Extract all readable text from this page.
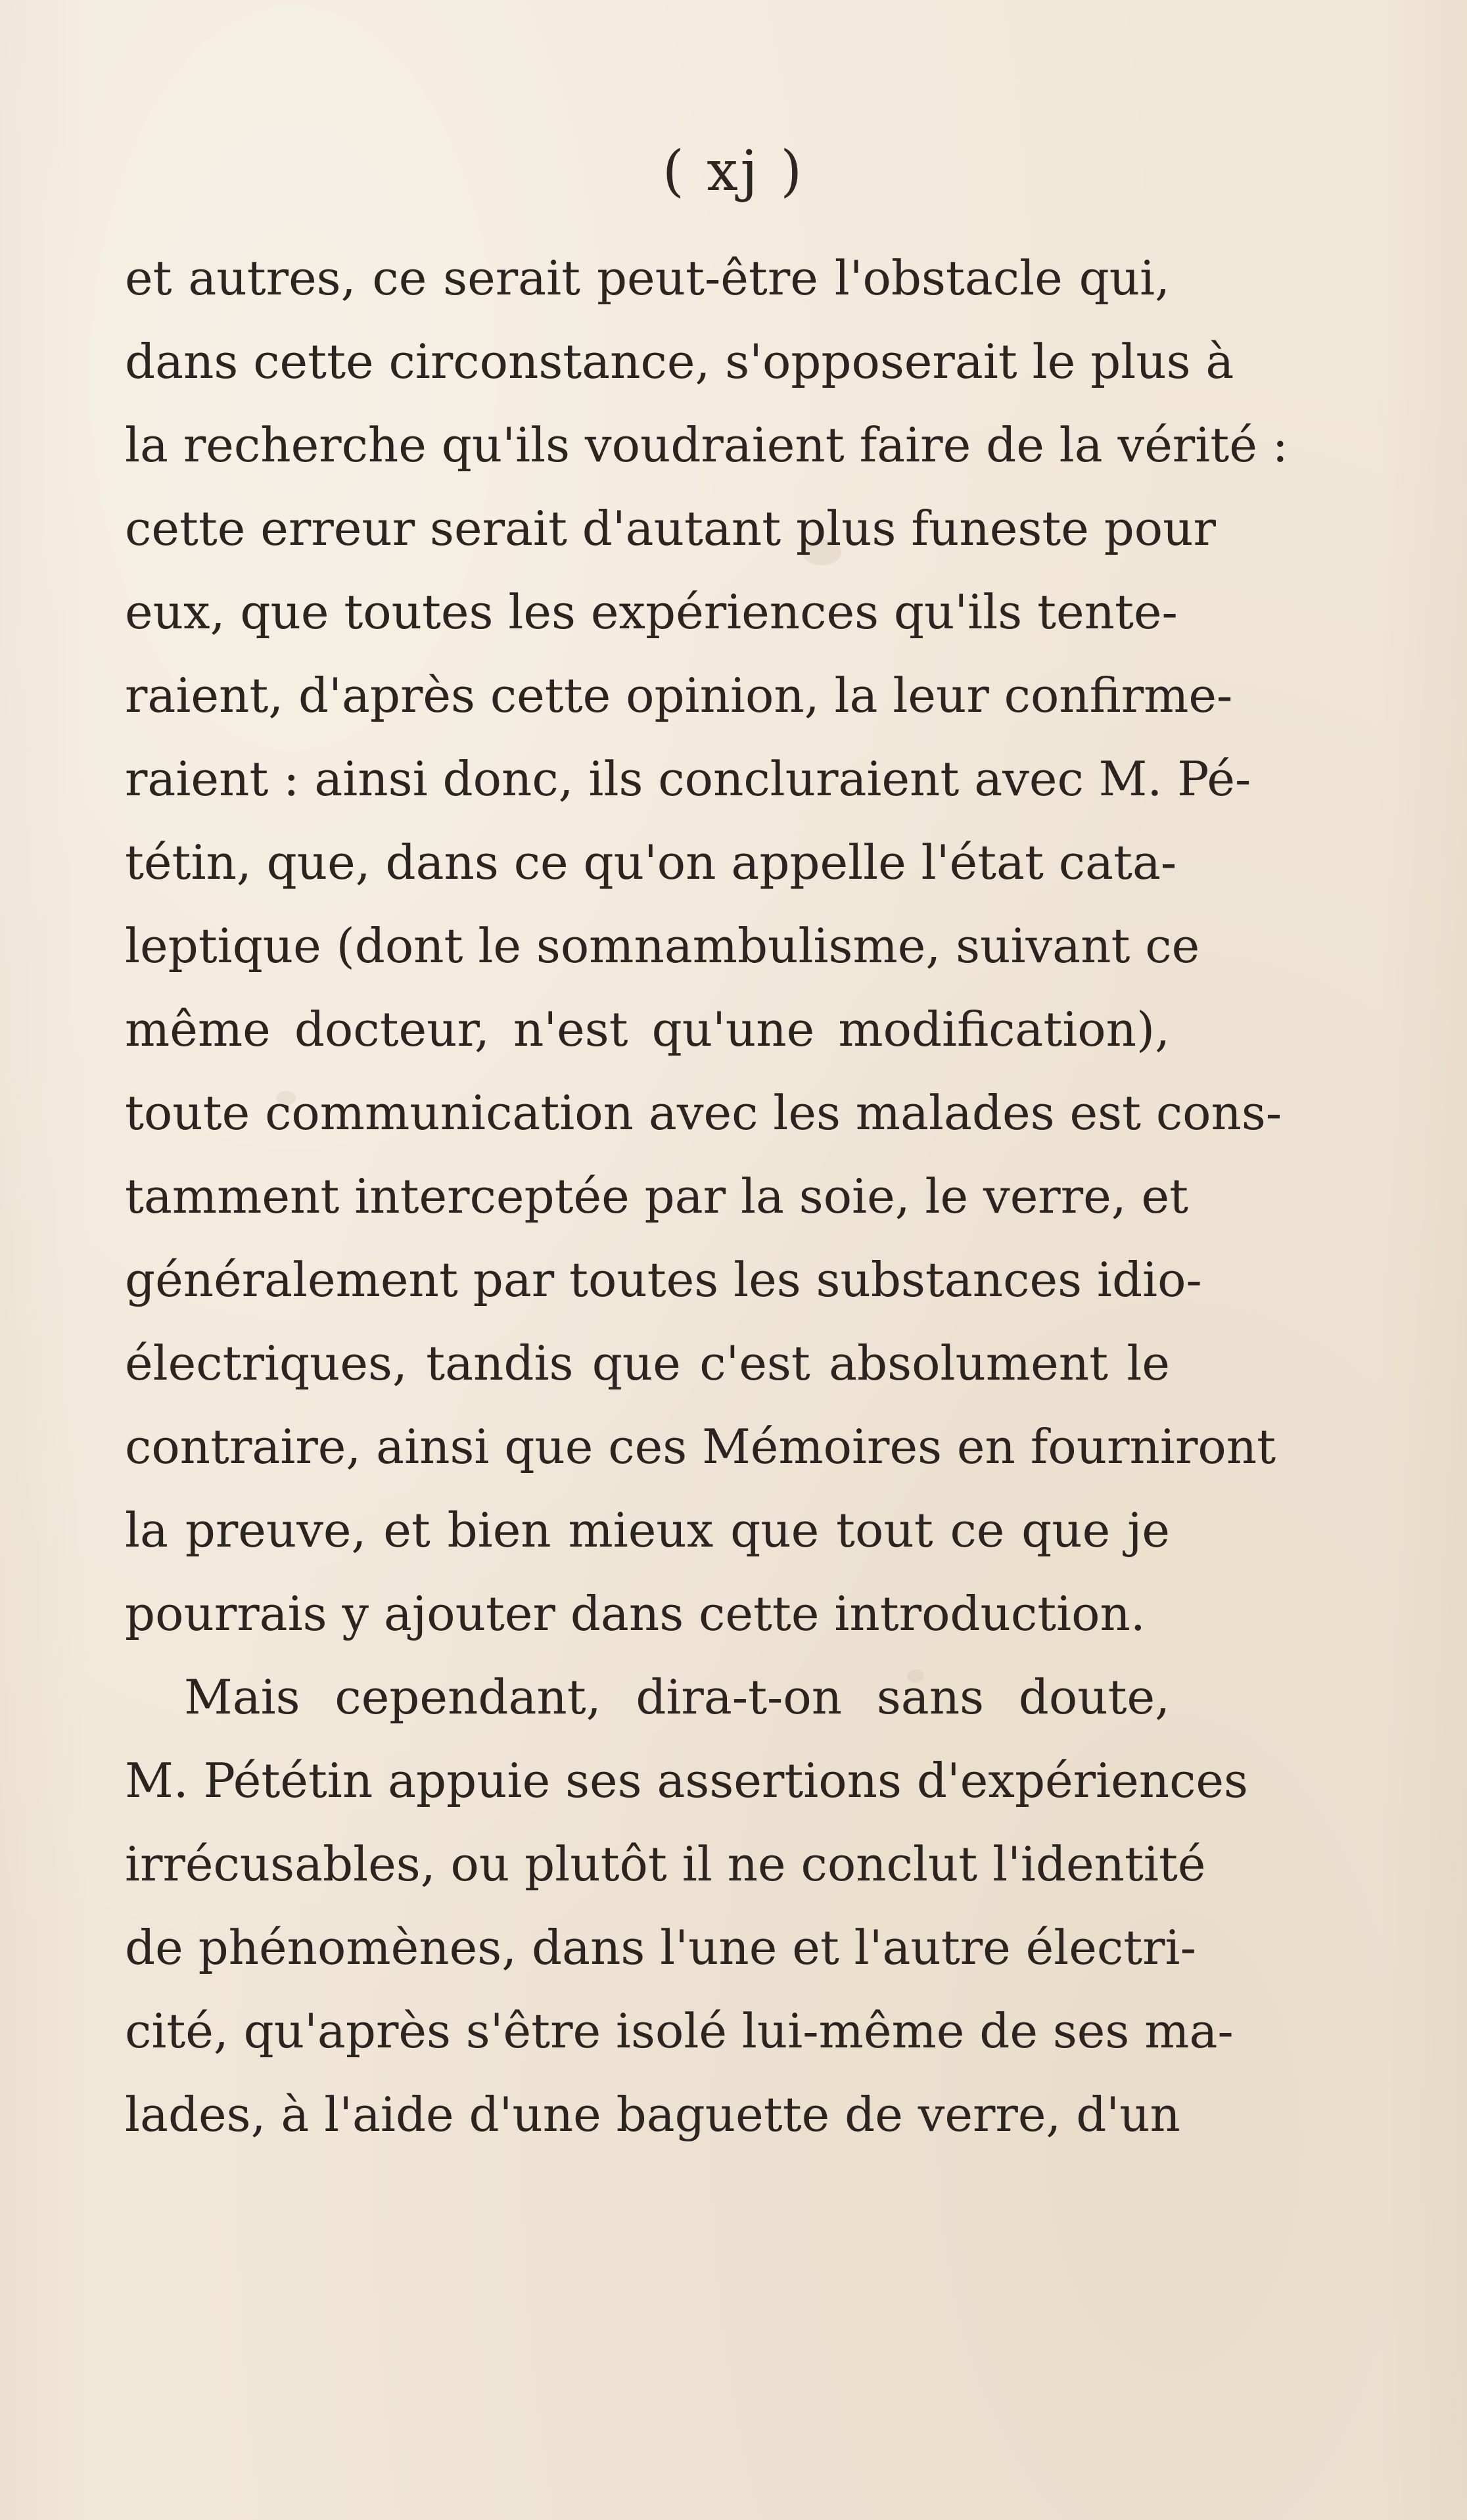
( xj )
et autres, ce serait peut-être l'obstacle qui,
dans cette circonstance, s'opposerait le plus à
la recherche qu'ils voudraient faire de la vérité :
cette erreur serait d'autant plus funeste pour
eux, que toutes les expériences qu'ils tente-
raient, d'après cette opinion, la leur confirme-
raient : ainsi donc, ils concluraient avec M. Pé-
tétin, que, dans ce qu'on appelle l'état cata-
leptique (dont le somnambulisme, suivant ce
même docteur, n'est qu'une modification),
toute communication avec les malades est cons-
tamment interceptée par la soie, le verre, et
généralement par toutes les substances idio-
électriques, tandis que c'est absolument le
contraire, ainsi que ces Mémoires en fourniront
la preuve, et bien mieux que tout ce que je
pourrais y ajouter dans cette introduction.
Mais cependant, dira-t-on sans doute,
M. Pététin appuie ses assertions d'expériences
irrécusables, ou plutôt il ne conclut l'identité
de phénomènes, dans l'une et l'autre électri-
cité, qu'après s'être isolé lui-même de ses ma-
lades, à l'aide d'une baguette de verre, d'un
